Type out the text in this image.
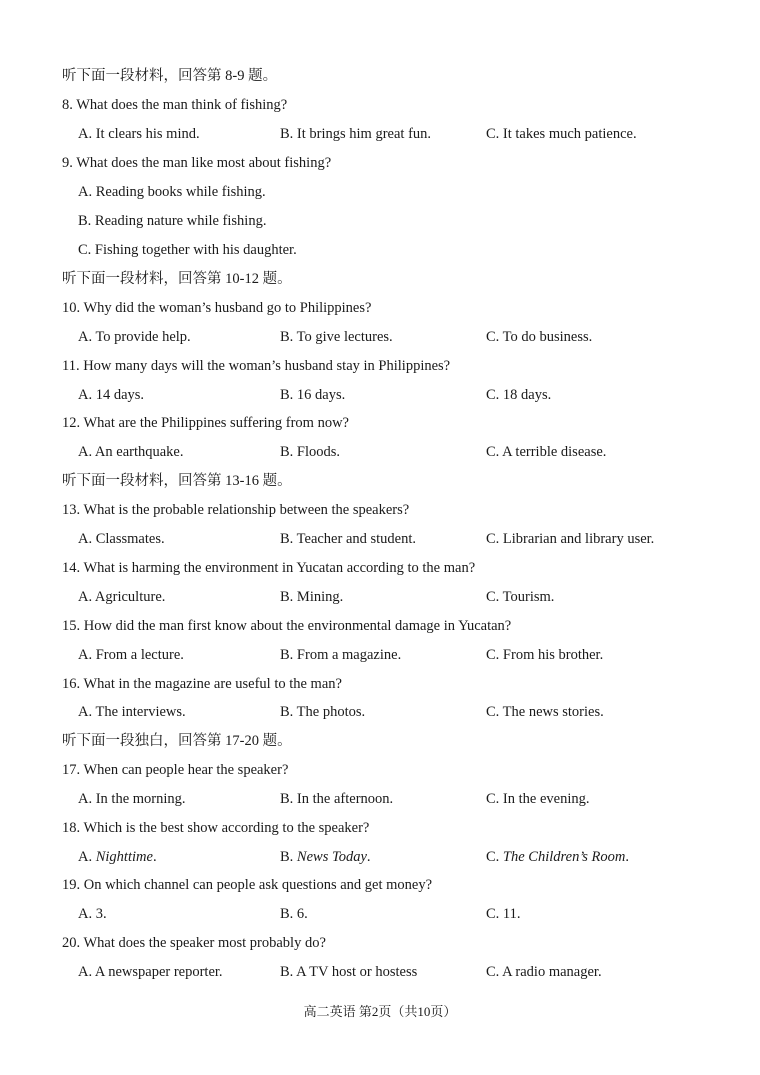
听下面一段材料，回答第 8-9 题。
8. What does the man think of fishing?
A. It clears his mind.	B. It brings him great fun.	C. It takes much patience.
9. What does the man like most about fishing?
A. Reading books while fishing.
B. Reading nature while fishing.
C. Fishing together with his daughter.
听下面一段材料，回答第 10-12 题。
10. Why did the woman’s husband go to Philippines?
A. To provide help.	B. To give lectures.	C. To do business.
11. How many days will the woman’s husband stay in Philippines?
A. 14 days.	B. 16 days.	C. 18 days.
12. What are the Philippines suffering from now?
A. An earthquake.	B. Floods.	C. A terrible disease.
听下面一段材料，回答第 13-16 题。
13. What is the probable relationship between the speakers?
A. Classmates.	B. Teacher and student.	C. Librarian and library user.
14. What is harming the environment in Yucatan according to the man?
A. Agriculture.	B. Mining.	C. Tourism.
15. How did the man first know about the environmental damage in Yucatan?
A. From a lecture.	B. From a magazine.	C. From his brother.
16. What in the magazine are useful to the man?
A. The interviews.	B. The photos.	C. The news stories.
听下面一段独白，回答第 17-20 题。
17. When can people hear the speaker?
A. In the morning.	B. In the afternoon.	C. In the evening.
18. Which is the best show according to the speaker?
A. Nighttime.	B. News Today.	C. The Children’s Room.
19. On which channel can people ask questions and get money?
A. 3.	B. 6.	C. 11.
20. What does the speaker most probably do?
A. A newspaper reporter.	B. A TV host or hostess	C. A radio manager.
高二英语 第2页（共10页）
